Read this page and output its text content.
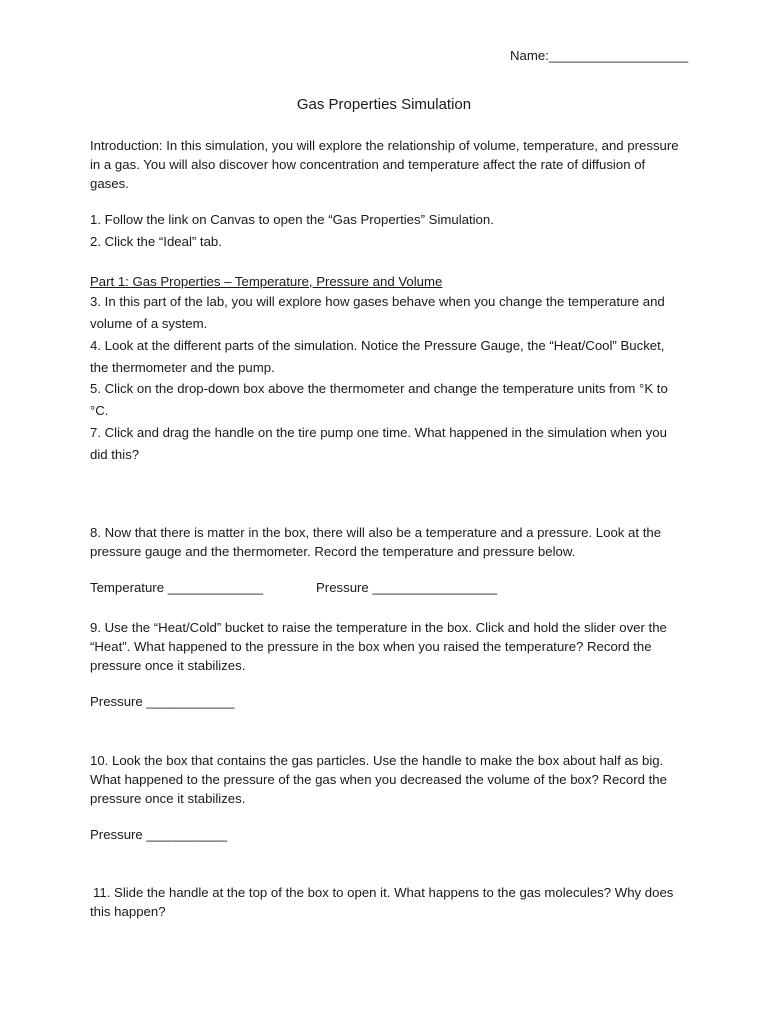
Name:___________________
Gas Properties Simulation
Introduction: In this simulation, you will explore the relationship of volume, temperature, and pressure in a gas. You will also discover how concentration and temperature affect the rate of diffusion of gases.
1. Follow the link on Canvas to open the “Gas Properties” Simulation.
2. Click the “Ideal” tab.
Part 1: Gas Properties – Temperature, Pressure and Volume
3. In this part of the lab, you will explore how gases behave when you change the temperature and volume of a system.
4. Look at the different parts of the simulation. Notice the Pressure Gauge, the “Heat/Cool” Bucket, the thermometer and the pump.
5. Click on the drop-down box above the thermometer and change the temperature units from °K to °C.
7. Click and drag the handle on the tire pump one time. What happened in the simulation when you did this?
8. Now that there is matter in the box, there will also be a temperature and a pressure. Look at the pressure gauge and the thermometer. Record the temperature and pressure below.
Temperature _____________	Pressure _________________
9. Use the “Heat/Cold” bucket to raise the temperature in the box. Click and hold the slider over the “Heat”. What happened to the pressure in the box when you raised the temperature? Record the pressure once it stabilizes.
Pressure ____________
10. Look the box that contains the gas particles. Use the handle to make the box about half as big. What happened to the pressure of the gas when you decreased the volume of the box? Record the pressure once it stabilizes.
Pressure ___________
11. Slide the handle at the top of the box to open it. What happens to the gas molecules? Why does this happen?
